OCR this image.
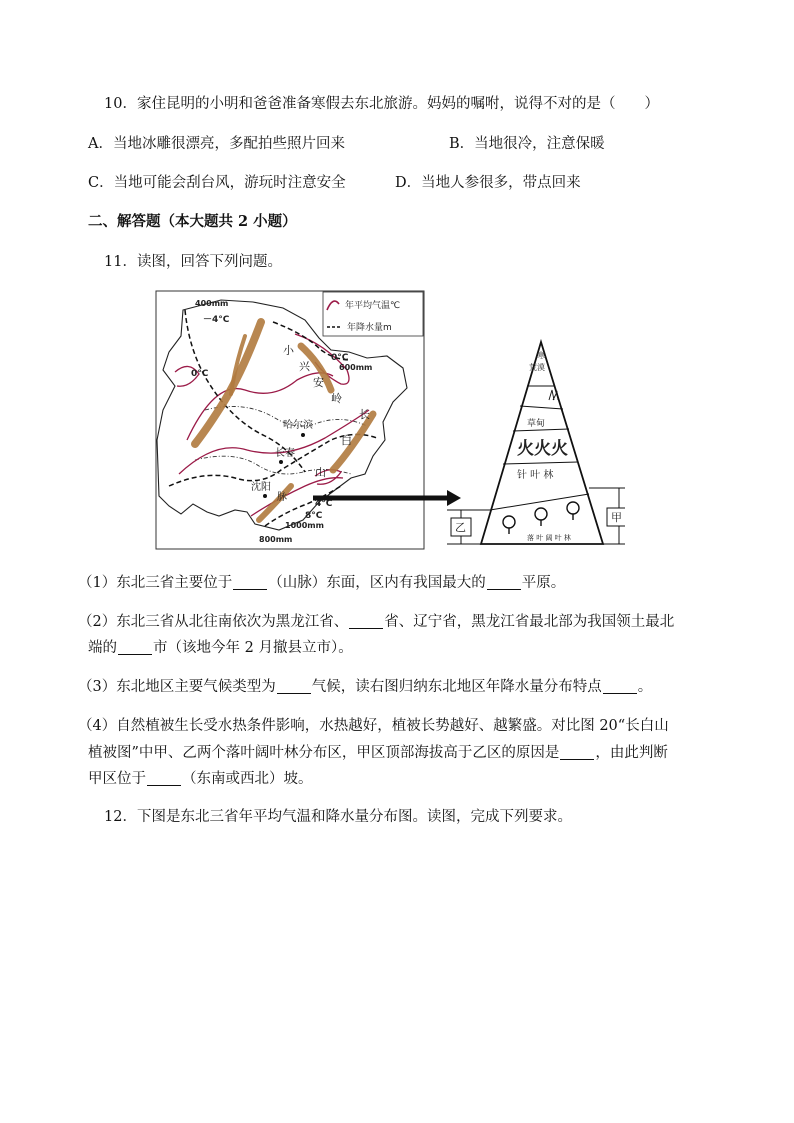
10．家住昆明的小明和爸爸准备寒假去东北旅游。妈妈的嘱咐，说得不对的是（　　）
A．当地冰雕很漂亮，多配拍些照片回来	B．当地很冷，注意保暖
C．当地可能会刮台风，游玩时注意安全	D．当地人参很多，带点回来
二、解答题（本大题共 2 小题）
11．读图，回答下列问题。
年平均气温℃
年降水量m
400mm
－4°C
0°C
0°C
600mm
小
兴
安
岭
长
白
山
哈尔滨
长春
沈阳
脉
4°C
8°C
1000mm
800mm
寒
荒漠
草甸
⽕⽕⽕
针 叶 林
落 叶 阔 叶 林
甲
乙
（1）东北三省主要位于 （山脉）东面，区内有我国最大的 平原。
（2）东北三省从北往南依次为黑龙江省、 省、辽宁省，黑龙江省最北部为我国领土最北
端的 市（该地今年 2 月撤县立市）。
（3）东北地区主要气候类型为 气候，读右图归纳东北地区年降水量分布特点 。
（4）自然植被生长受水热条件影响，水热越好，植被长势越好、越繁盛。对比图 20“长白山
植被图”中甲、乙两个落叶阔叶林分布区，甲区顶部海拔高于乙区的原因是 ，由此判断
甲区位于 （东南或西北）坡。
12．下图是东北三省年平均气温和降水量分布图。读图，完成下列要求。
